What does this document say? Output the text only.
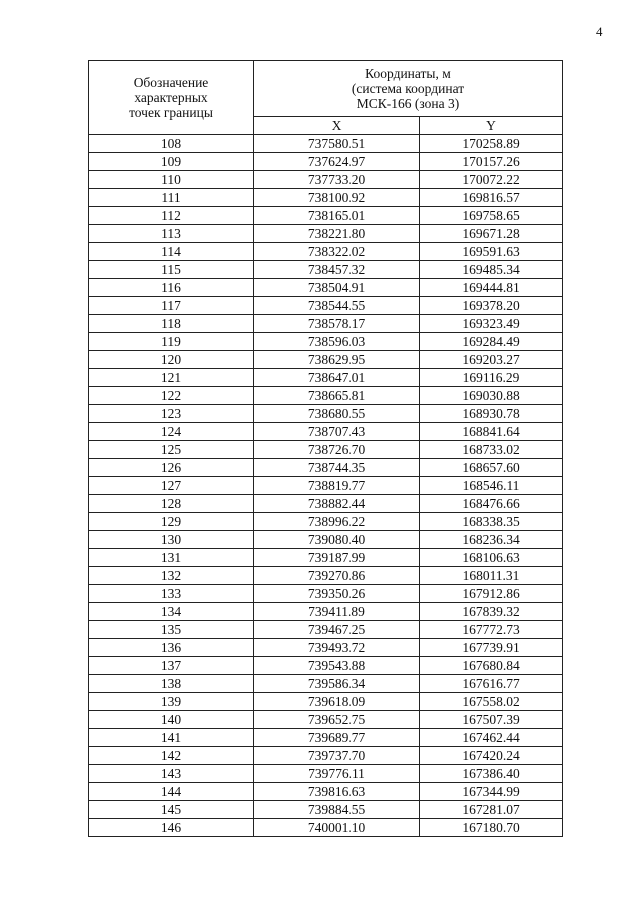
4
Обозначение
характерных
точек границы	Координаты, м
(система координат
МСК-166 (зона 3)	
	X	Y
108	737580.51	170258.89
109	737624.97	170157.26
110	737733.20	170072.22
111	738100.92	169816.57
112	738165.01	169758.65
113	738221.80	169671.28
114	738322.02	169591.63
115	738457.32	169485.34
116	738504.91	169444.81
117	738544.55	169378.20
118	738578.17	169323.49
119	738596.03	169284.49
120	738629.95	169203.27
121	738647.01	169116.29
122	738665.81	169030.88
123	738680.55	168930.78
124	738707.43	168841.64
125	738726.70	168733.02
126	738744.35	168657.60
127	738819.77	168546.11
128	738882.44	168476.66
129	738996.22	168338.35
130	739080.40	168236.34
131	739187.99	168106.63
132	739270.86	168011.31
133	739350.26	167912.86
134	739411.89	167839.32
135	739467.25	167772.73
136	739493.72	167739.91
137	739543.88	167680.84
138	739586.34	167616.77
139	739618.09	167558.02
140	739652.75	167507.39
141	739689.77	167462.44
142	739737.70	167420.24
143	739776.11	167386.40
144	739816.63	167344.99
145	739884.55	167281.07
146	740001.10	167180.70
